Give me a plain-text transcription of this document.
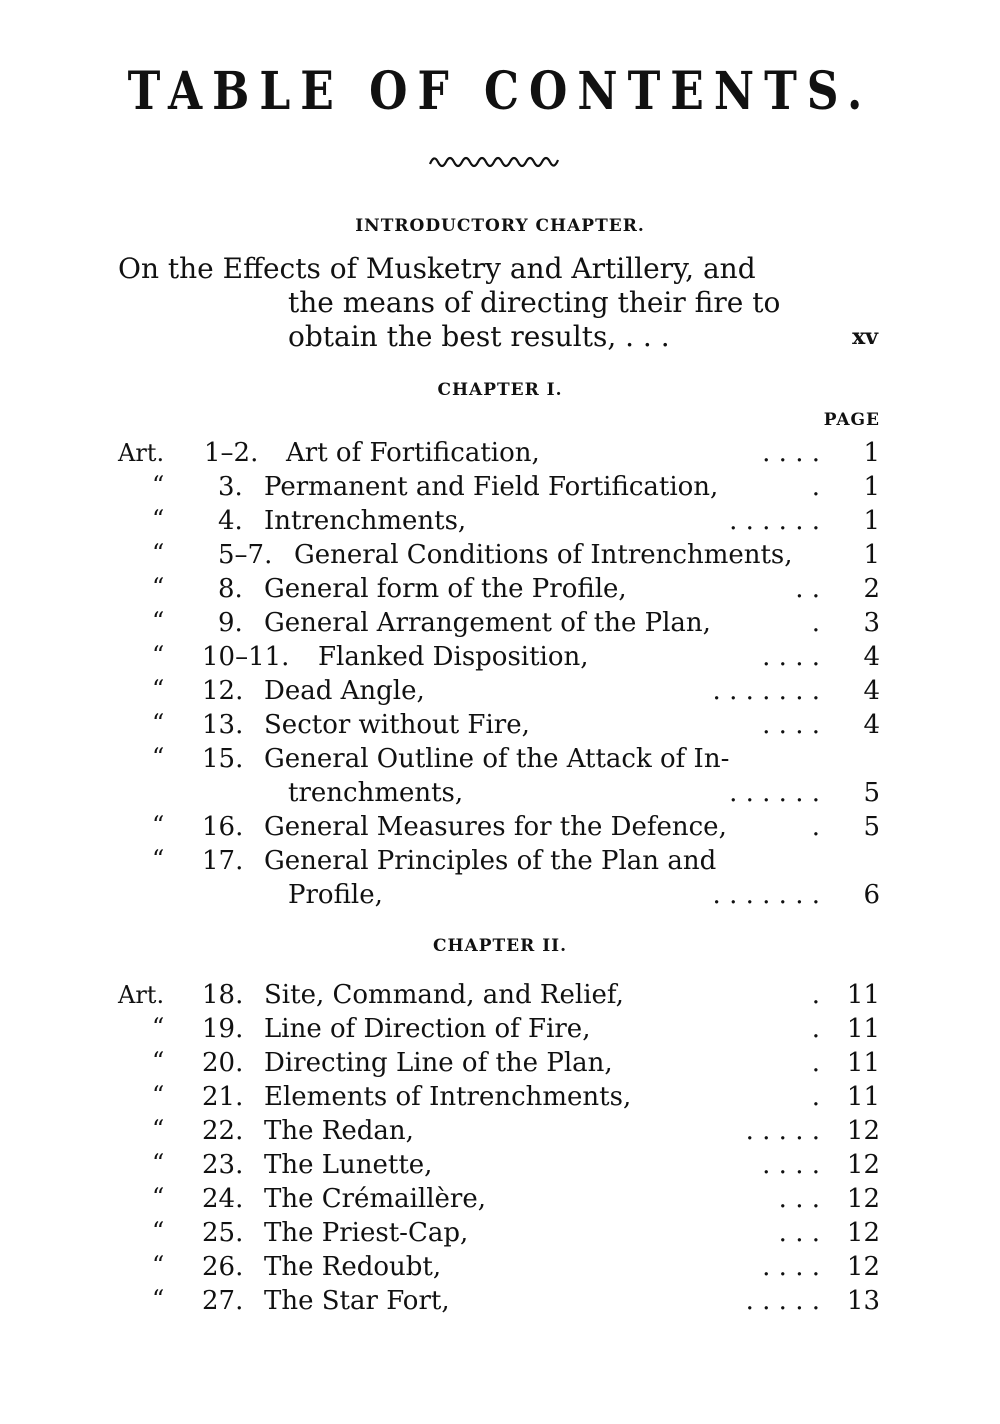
TABLE OF CONTENTS.
INTRODUCTORY CHAPTER.
On the Effects of Musketry and Artillery, and
the means of directing their fire to
obtain the best results, . . .	xv
CHAPTER I.
PAGE
Art. 1–2. Art of Fortification,	. . . . 1
“ 3. Permanent and Field Fortification,	. 1
“ 4. Intrenchments,	. . . . . . 1
“ 5–7. General Conditions of Intrenchments,	1
“ 8. General form of the Profile,	. . 2
“ 9. General Arrangement of the Plan,	. 3
“ 10–11. Flanked Disposition,	. . . . 4
“ 12. Dead Angle,	. . . . . . . 4
“ 13. Sector without Fire,	. . . . 4
“ 15. General Outline of the Attack of In-
trenchments,	. . . . . . 5
“ 16. General Measures for the Defence,	. 5
“ 17. General Principles of the Plan and
Profile,	. . . . . . . 6
CHAPTER II.
Art. 18. Site, Command, and Relief,	. 11
“ 19. Line of Direction of Fire,	. 11
“ 20. Directing Line of the Plan,	. 11
“ 21. Elements of Intrenchments,	. 11
“ 22. The Redan,	. . . . . 12
“ 23. The Lunette,	. . . . 12
“ 24. The Crémaillère,	. . . 12
“ 25. The Priest-Cap,	. . . 12
“ 26. The Redoubt,	. . . . 12
“ 27. The Star Fort,	. . . . . 13
